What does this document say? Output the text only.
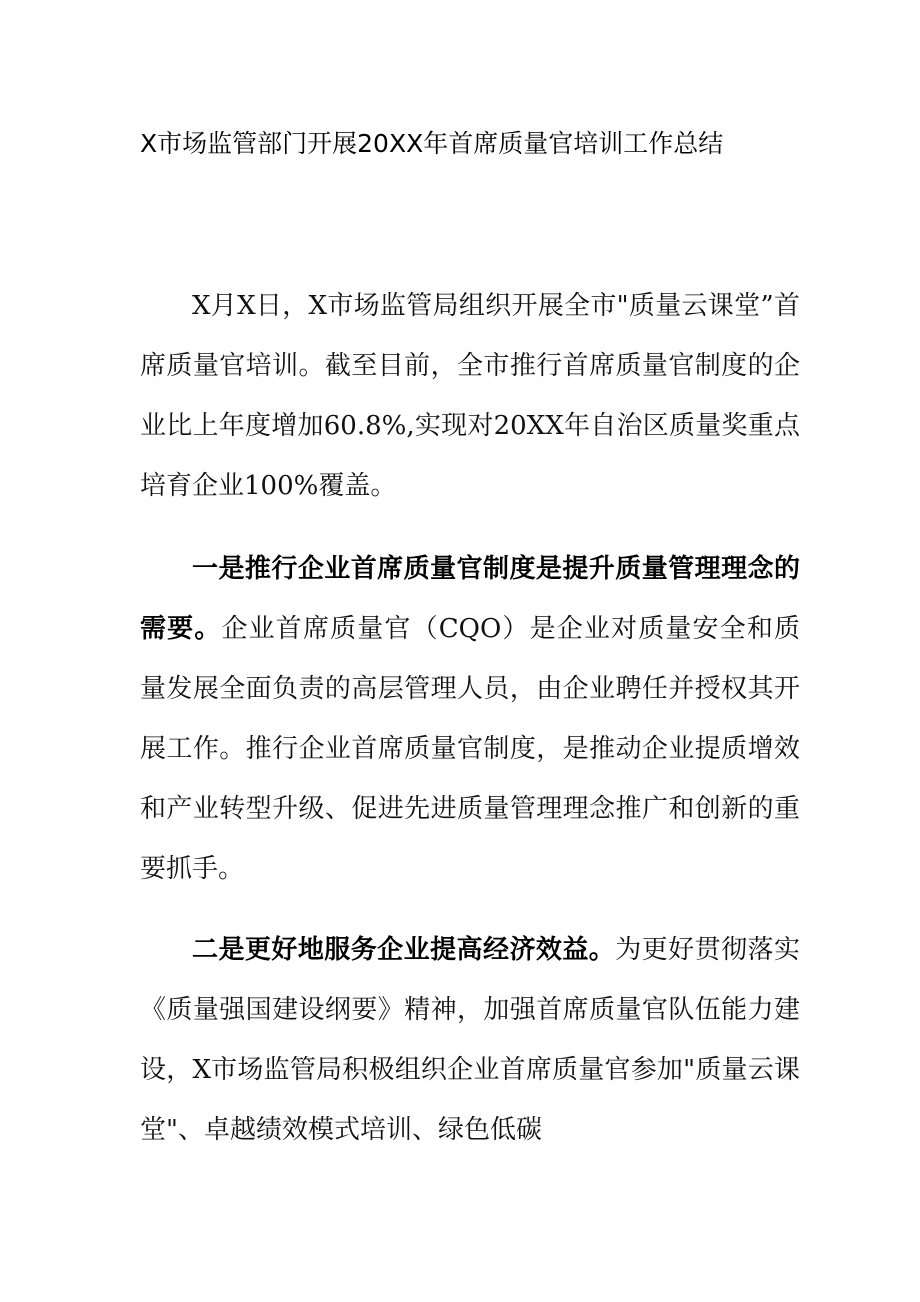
X市场监管部门开展20XX年首席质量官培训工作总结

X月X日，X市场监管局组织开展全市"质量云课堂”首席质量官培训。截至目前，全市推行首席质量官制度的企业比上年度增加60.8%,实现对20XX年自治区质量奖重点培育企业100%覆盖。

一是推行企业首席质量官制度是提升质量管理理念的需要。企业首席质量官（CQO）是企业对质量安全和质量发展全面负责的高层管理人员，由企业聘任并授权其开展工作。推行企业首席质量官制度，是推动企业提质增效和产业转型升级、促进先进质量管理理念推广和创新的重要抓手。

二是更好地服务企业提高经济效益。为更好贯彻落实《质量强国建设纲要》精神，加强首席质量官队伍能力建设，X市场监管局积极组织企业首席质量官参加"质量云课堂"、卓越绩效模式培训、绿色低碳
